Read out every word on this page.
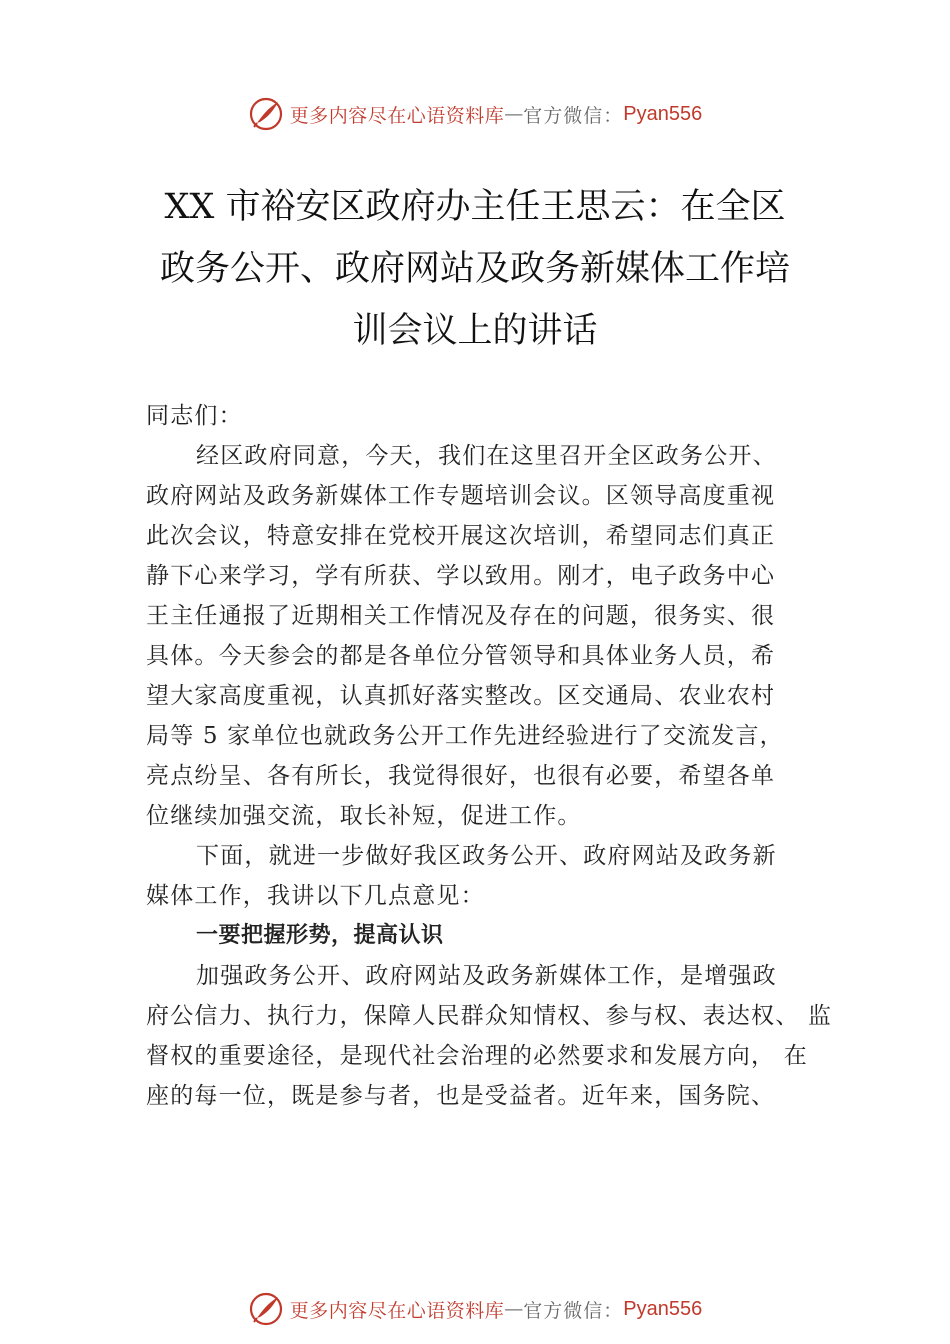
更多内容尽在心语资料库 — 官方微信： Pyan556
XX 市裕安区政府办主任王思云：在全区
政务公开、政府网站及政务新媒体工作培
训会议上的讲话
同志们：
经区政府同意，今天，我们在这里召开全区政务公开、
政府网站及政务新媒体工作专题培训会议。区领导高度重视
此次会议，特意安排在党校开展这次培训，希望同志们真正
静下心来学习，学有所获、学以致用。刚才，电子政务中心
王主任通报了近期相关工作情况及存在的问题，很务实、很
具体。今天参会的都是各单位分管领导和具体业务人员，希
望大家高度重视，认真抓好落实整改。区交通局、农业农村
局等 5 家单位也就政务公开工作先进经验进行了交流发言，
亮点纷呈、各有所长，我觉得很好，也很有必要，希望各单
位继续加强交流，取长补短，促进工作。
下面，就进一步做好我区政务公开、政府网站及政务新
媒体工作，我讲以下几点意见：
一要把握形势，提高认识
加强政务公开、政府网站及政务新媒体工作，是增强政
府公信力、执行力，保障人民群众知情权、参与权、表达权、 监
督权的重要途径，是现代社会治理的必然要求和发展方向， 在
座的每一位，既是参与者，也是受益者。近年来，国务院、
更多内容尽在心语资料库 — 官方微信： Pyan556
